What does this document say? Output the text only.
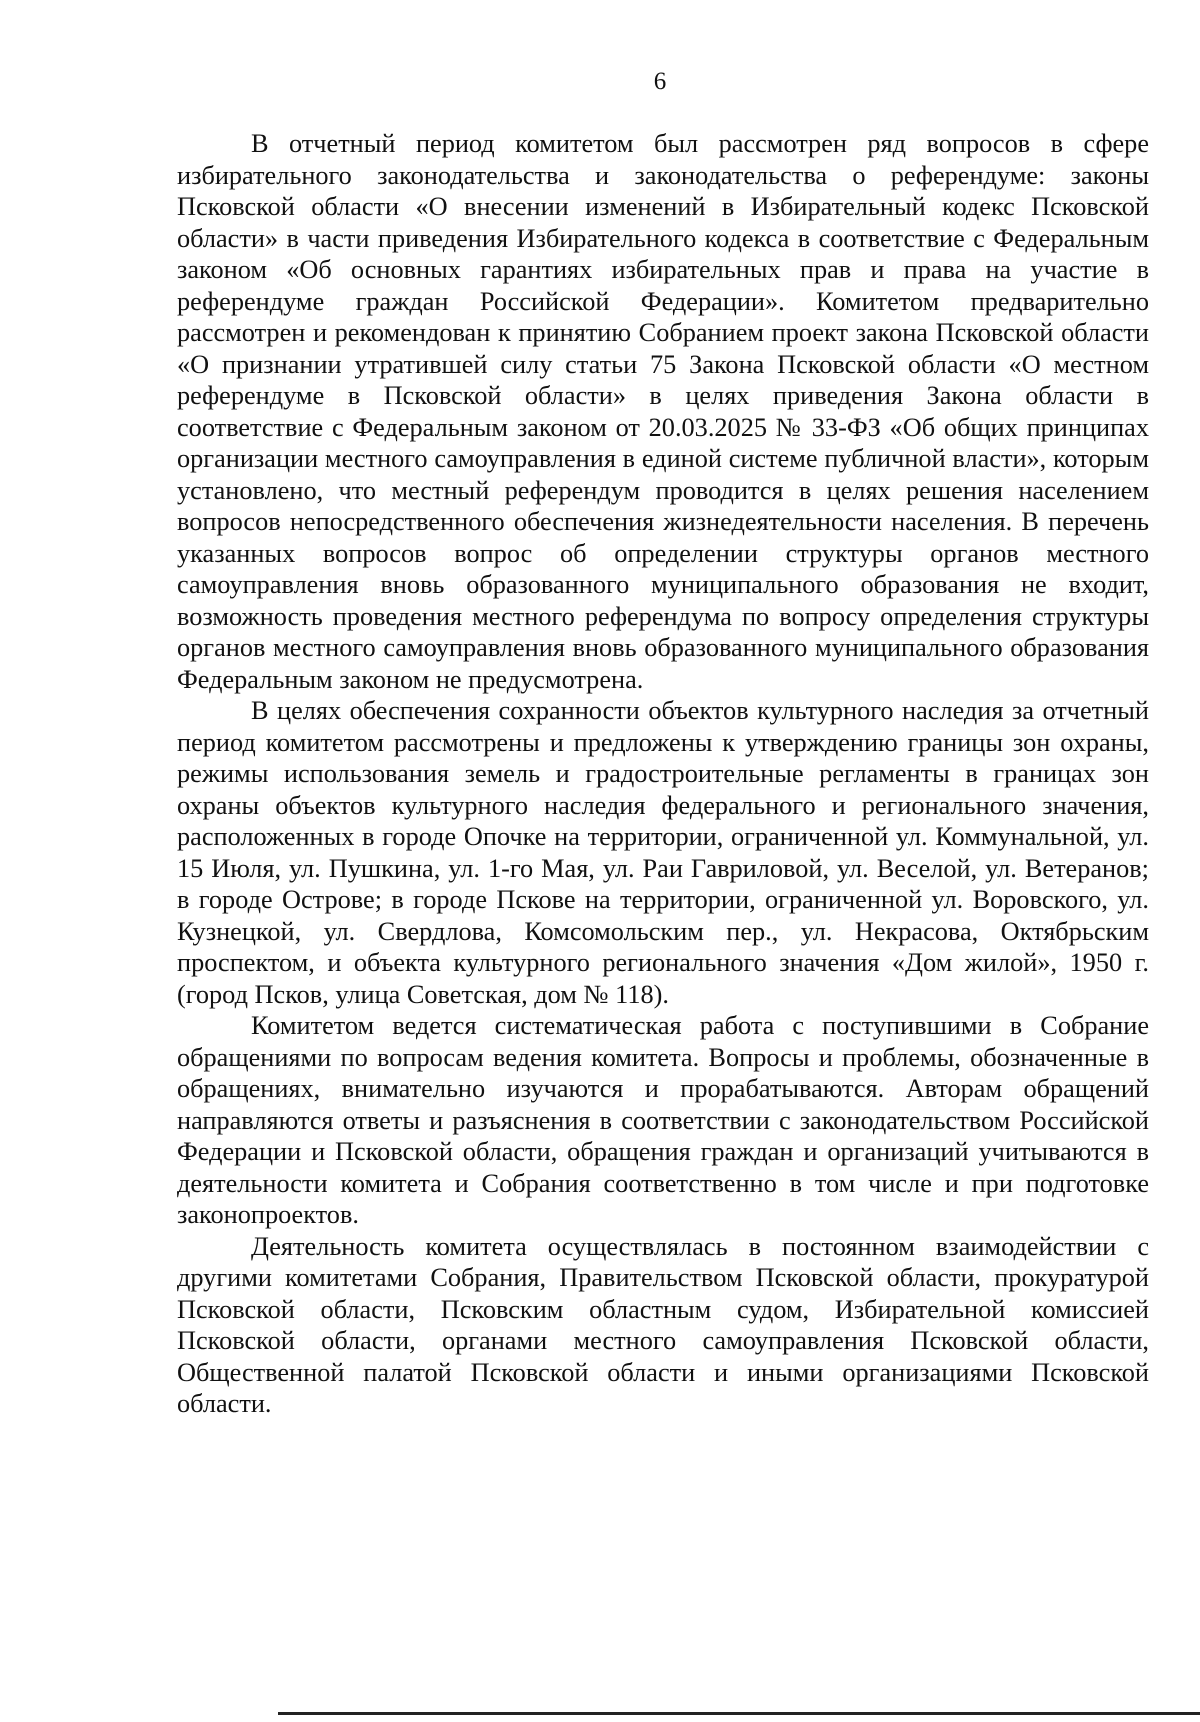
6

В отчетный период комитетом был рассмотрен ряд вопросов в сфере избирательного законодательства и законодательства о референдуме: законы Псковской области «О внесении изменений в Избирательный кодекс Псковской области» в части приведения Избирательного кодекса в соответствие с Федеральным законом «Об основных гарантиях избирательных прав и права на участие в референдуме граждан Российской Федерации». Комитетом предварительно рассмотрен и рекомендован к принятию Собранием проект закона Псковской области «О признании утратившей силу статьи 75 Закона Псковской области «О местном референдуме в Псковской области» в целях приведения Закона области в соответствие с Федеральным законом от 20.03.2025 № 33-ФЗ «Об общих принципах организации местного самоуправления в единой системе публичной власти», которым установлено, что местный референдум проводится в целях решения населением вопросов непосредственного обеспечения жизнедеятельности населения. В перечень указанных вопросов вопрос об определении структуры органов местного самоуправления вновь образованного муниципального образования не входит, возможность проведения местного референдума по вопросу определения структуры органов местного самоуправления вновь образованного муниципального образования Федеральным законом не предусмотрена.

В целях обеспечения сохранности объектов культурного наследия за отчетный период комитетом рассмотрены и предложены к утверждению границы зон охраны, режимы использования земель и градостроительные регламенты в границах зон охраны объектов культурного наследия федерального и регионального значения, расположенных в городе Опочке на территории, ограниченной ул. Коммунальной, ул. 15 Июля, ул. Пушкина, ул. 1-го Мая, ул. Раи Гавриловой, ул. Веселой, ул. Ветеранов; в городе Острове; в городе Пскове на территории, ограниченной ул. Воровского, ул. Кузнецкой, ул. Свердлова, Комсомольским пер., ул. Некрасова, Октябрьским проспектом, и объекта культурного регионального значения «Дом жилой», 1950 г. (город Псков, улица Советская, дом № 118).

Комитетом ведется систематическая работа с поступившими в Собрание обращениями по вопросам ведения комитета. Вопросы и проблемы, обозначенные в обращениях, внимательно изучаются и прорабатываются. Авторам обращений направляются ответы и разъяснения в соответствии с законодательством Российской Федерации и Псковской области, обращения граждан и организаций учитываются в деятельности комитета и Собрания соответственно в том числе и при подготовке законопроектов.

Деятельность комитета осуществлялась в постоянном взаимодействии с другими комитетами Собрания, Правительством Псковской области, прокуратурой Псковской области, Псковским областным судом, Избирательной комиссией Псковской области, органами местного самоуправления Псковской области, Общественной палатой Псковской области и иными организациями Псковской области.
